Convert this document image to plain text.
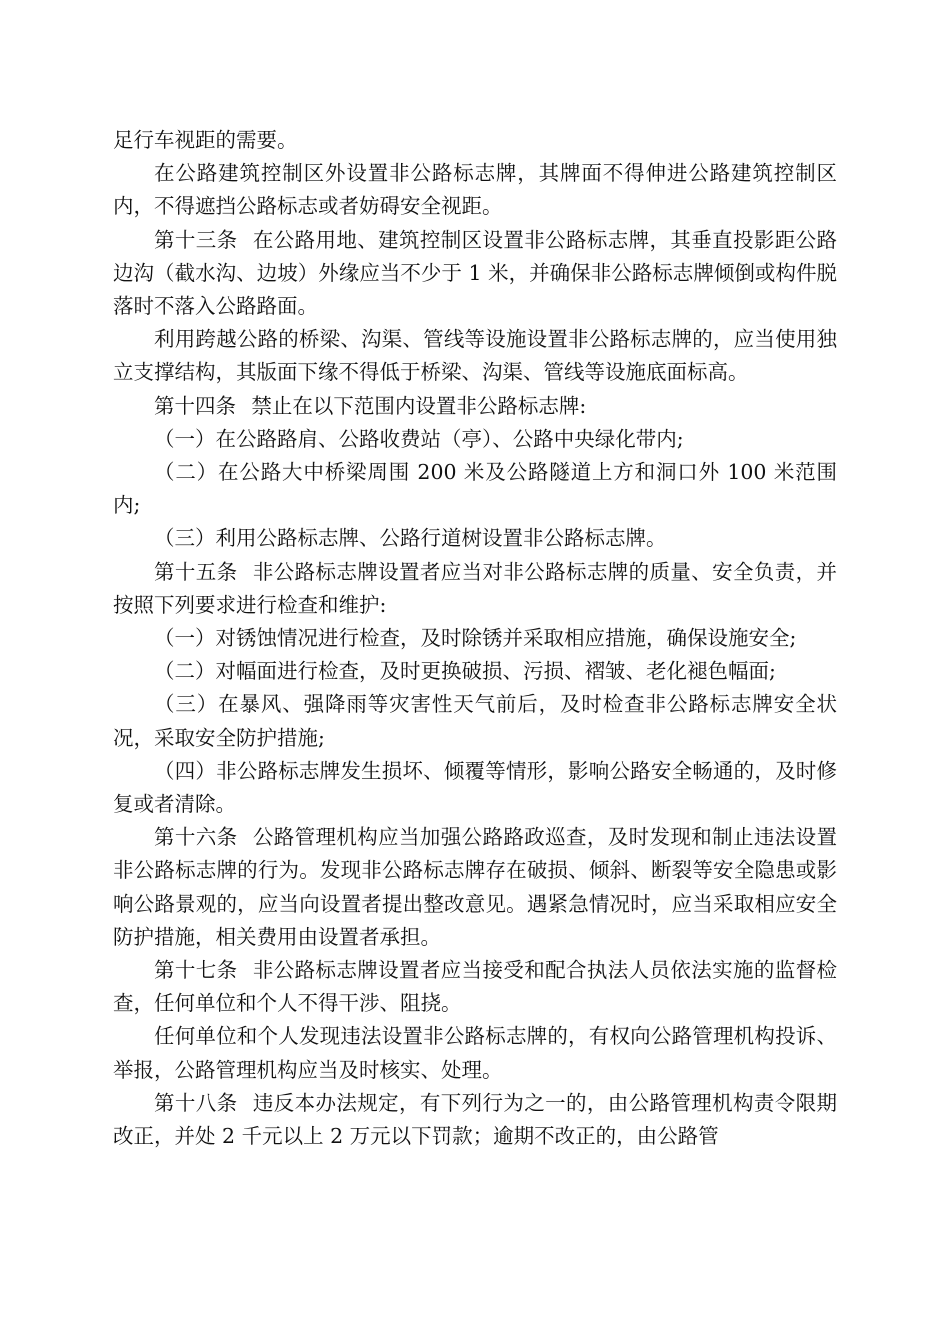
足行车视距的需要。

在公路建筑控制区外设置非公路标志牌，其牌面不得伸进公路建筑控制区内，不得遮挡公路标志或者妨碍安全视距。

第十三条 在公路用地、建筑控制区设置非公路标志牌，其垂直投影距公路边沟（截水沟、边坡）外缘应当不少于 1 米，并确保非公路标志牌倾倒或构件脱落时不落入公路路面。

利用跨越公路的桥梁、沟渠、管线等设施设置非公路标志牌的，应当使用独立支撑结构，其版面下缘不得低于桥梁、沟渠、管线等设施底面标高。

第十四条 禁止在以下范围内设置非公路标志牌:

（一）在公路路肩、公路收费站（亭）、公路中央绿化带内;

（二）在公路大中桥梁周围 200 米及公路隧道上方和洞口外 100 米范围内;

（三）利用公路标志牌、公路行道树设置非公路标志牌。

第十五条 非公路标志牌设置者应当对非公路标志牌的质量、安全负责，并按照下列要求进行检查和维护:

（一）对锈蚀情况进行检查，及时除锈并采取相应措施，确保设施安全;

（二）对幅面进行检查，及时更换破损、污损、褶皱、老化褪色幅面;

（三）在暴风、强降雨等灾害性天气前后，及时检查非公路标志牌安全状况，采取安全防护措施;

（四）非公路标志牌发生损坏、倾覆等情形，影响公路安全畅通的，及时修复或者清除。

第十六条 公路管理机构应当加强公路路政巡查，及时发现和制止违法设置非公路标志牌的行为。发现非公路标志牌存在破损、倾斜、断裂等安全隐患或影响公路景观的，应当向设置者提出整改意见。遇紧急情况时，应当采取相应安全防护措施，相关费用由设置者承担。

第十七条 非公路标志牌设置者应当接受和配合执法人员依法实施的监督检查，任何单位和个人不得干涉、阻挠。

任何单位和个人发现违法设置非公路标志牌的，有权向公路管理机构投诉、举报，公路管理机构应当及时核实、处理。

第十八条 违反本办法规定，有下列行为之一的，由公路管理机构责令限期改正，并处 2 千元以上 2 万元以下罚款；逾期不改正的，由公路管
